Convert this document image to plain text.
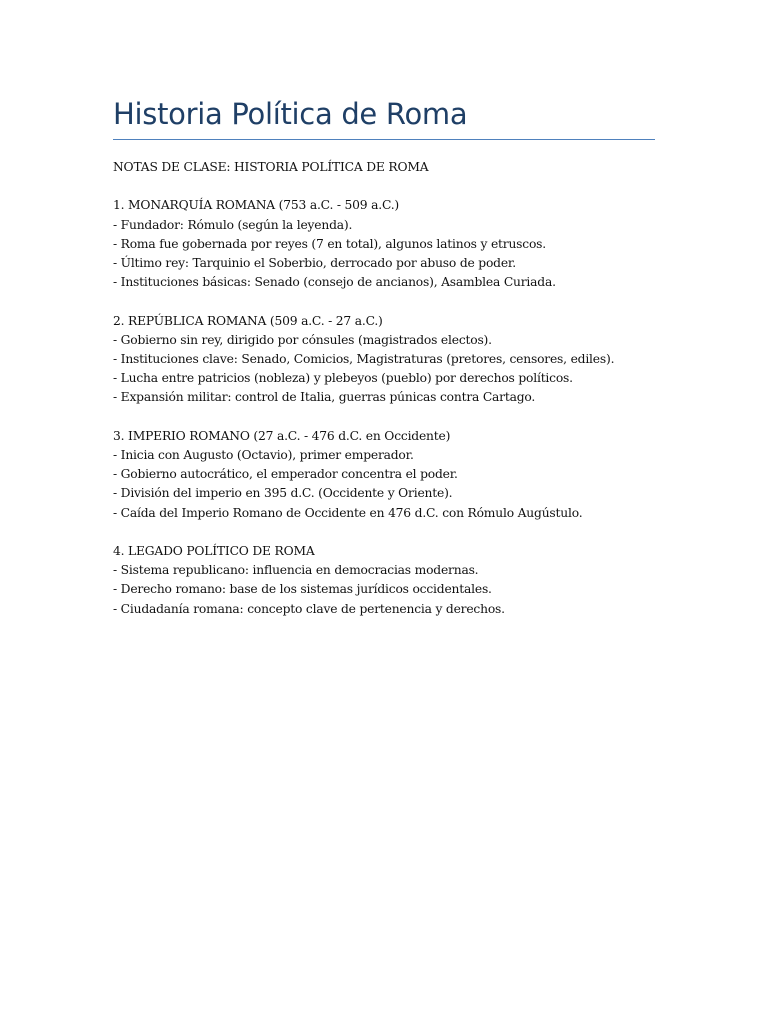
Historia Política de Roma

NOTAS DE CLASE: HISTORIA POLÍTICA DE ROMA

1. MONARQUÍA ROMANA (753 a.C. - 509 a.C.)

- Fundador: Rómulo (según la leyenda).

- Roma fue gobernada por reyes (7 en total), algunos latinos y etruscos.

- Último rey: Tarquinio el Soberbio, derrocado por abuso de poder.

- Instituciones básicas: Senado (consejo de ancianos), Asamblea Curiada.

2. REPÚBLICA ROMANA (509 a.C. - 27 a.C.)

- Gobierno sin rey, dirigido por cónsules (magistrados electos).

- Instituciones clave: Senado, Comicios, Magistraturas (pretores, censores, ediles).

- Lucha entre patricios (nobleza) y plebeyos (pueblo) por derechos políticos.

- Expansión militar: control de Italia, guerras púnicas contra Cartago.

3. IMPERIO ROMANO (27 a.C. - 476 d.C. en Occidente)

- Inicia con Augusto (Octavio), primer emperador.

- Gobierno autocrático, el emperador concentra el poder.

- División del imperio en 395 d.C. (Occidente y Oriente).

- Caída del Imperio Romano de Occidente en 476 d.C. con Rómulo Augústulo.

4. LEGADO POLÍTICO DE ROMA

- Sistema republicano: influencia en democracias modernas.

- Derecho romano: base de los sistemas jurídicos occidentales.

- Ciudadanía romana: concepto clave de pertenencia y derechos.
